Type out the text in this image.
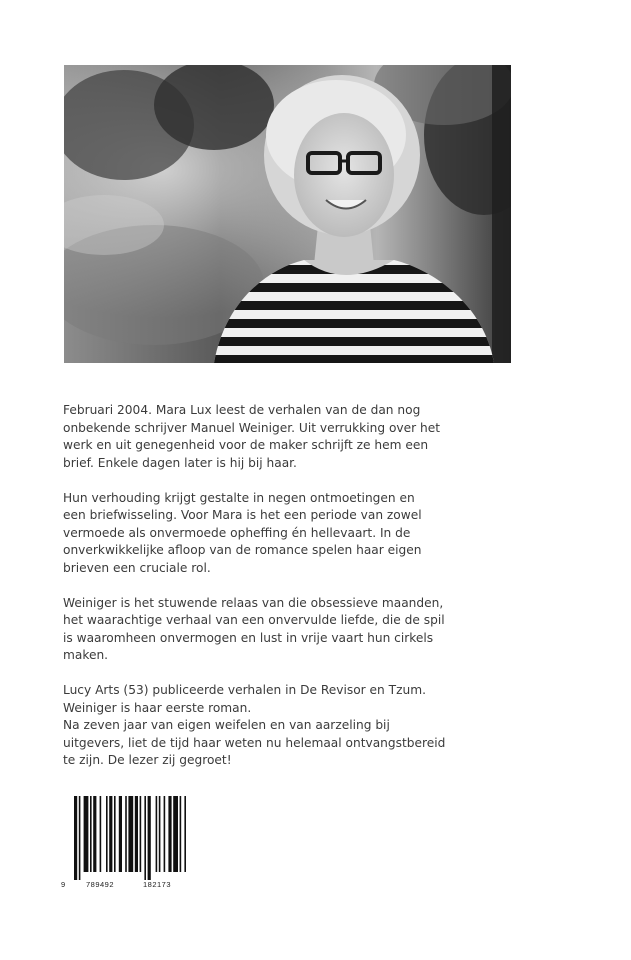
Februari 2004. Mara Lux leest de verhalen van de dan nog
onbekende schrijver Manuel Weiniger. Uit verrukking over het
werk en uit genegenheid voor de maker schrijft ze hem een
brief. Enkele dagen later is hij bij haar.

Hun verhouding krijgt gestalte in negen ontmoetingen en
een briefwisseling. Voor Mara is het een periode van zowel
vermoede als onvermoede opheffing én hellevaart. In de
onverkwikkelijke afloop van de romance spelen haar eigen
brieven een cruciale rol.

Weiniger is het stuwende relaas van die obsessieve maanden,
het waarachtige verhaal van een onvervulde liefde, die de spil
is waaromheen onvermogen en lust in vrije vaart hun cirkels
maken.

Lucy Arts (53) publiceerde verhalen in De Revisor en Tzum.
Weiniger is haar eerste roman.
Na zeven jaar van eigen weifelen en van aarzeling bij
uitgevers, liet de tijd haar weten nu helemaal ontvangstbereid
te zijn. De lezer zij gegroet!

9	789492	182173
